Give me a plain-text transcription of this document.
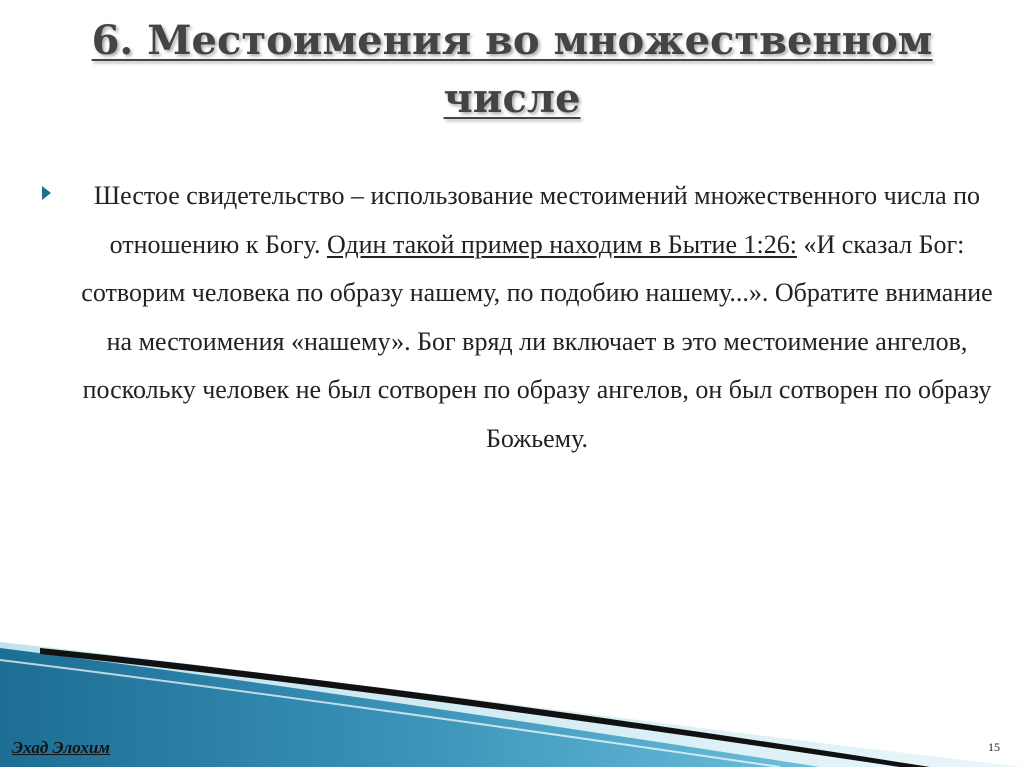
6. Местоимения во множественном числе
Шестое свидетельство – использование местоимений множественного числа по отношению к Богу. Один такой пример находим в Бытие 1:26: «И сказал Бог: сотворим человека по образу нашему, по подобию нашему...». Обратите внимание на местоимения «нашему». Бог вряд ли включает в это местоимение ангелов, поскольку человек не был сотворен по образу ангелов, он был сотворен по образу Божьему.
Эхад Элохим	15
